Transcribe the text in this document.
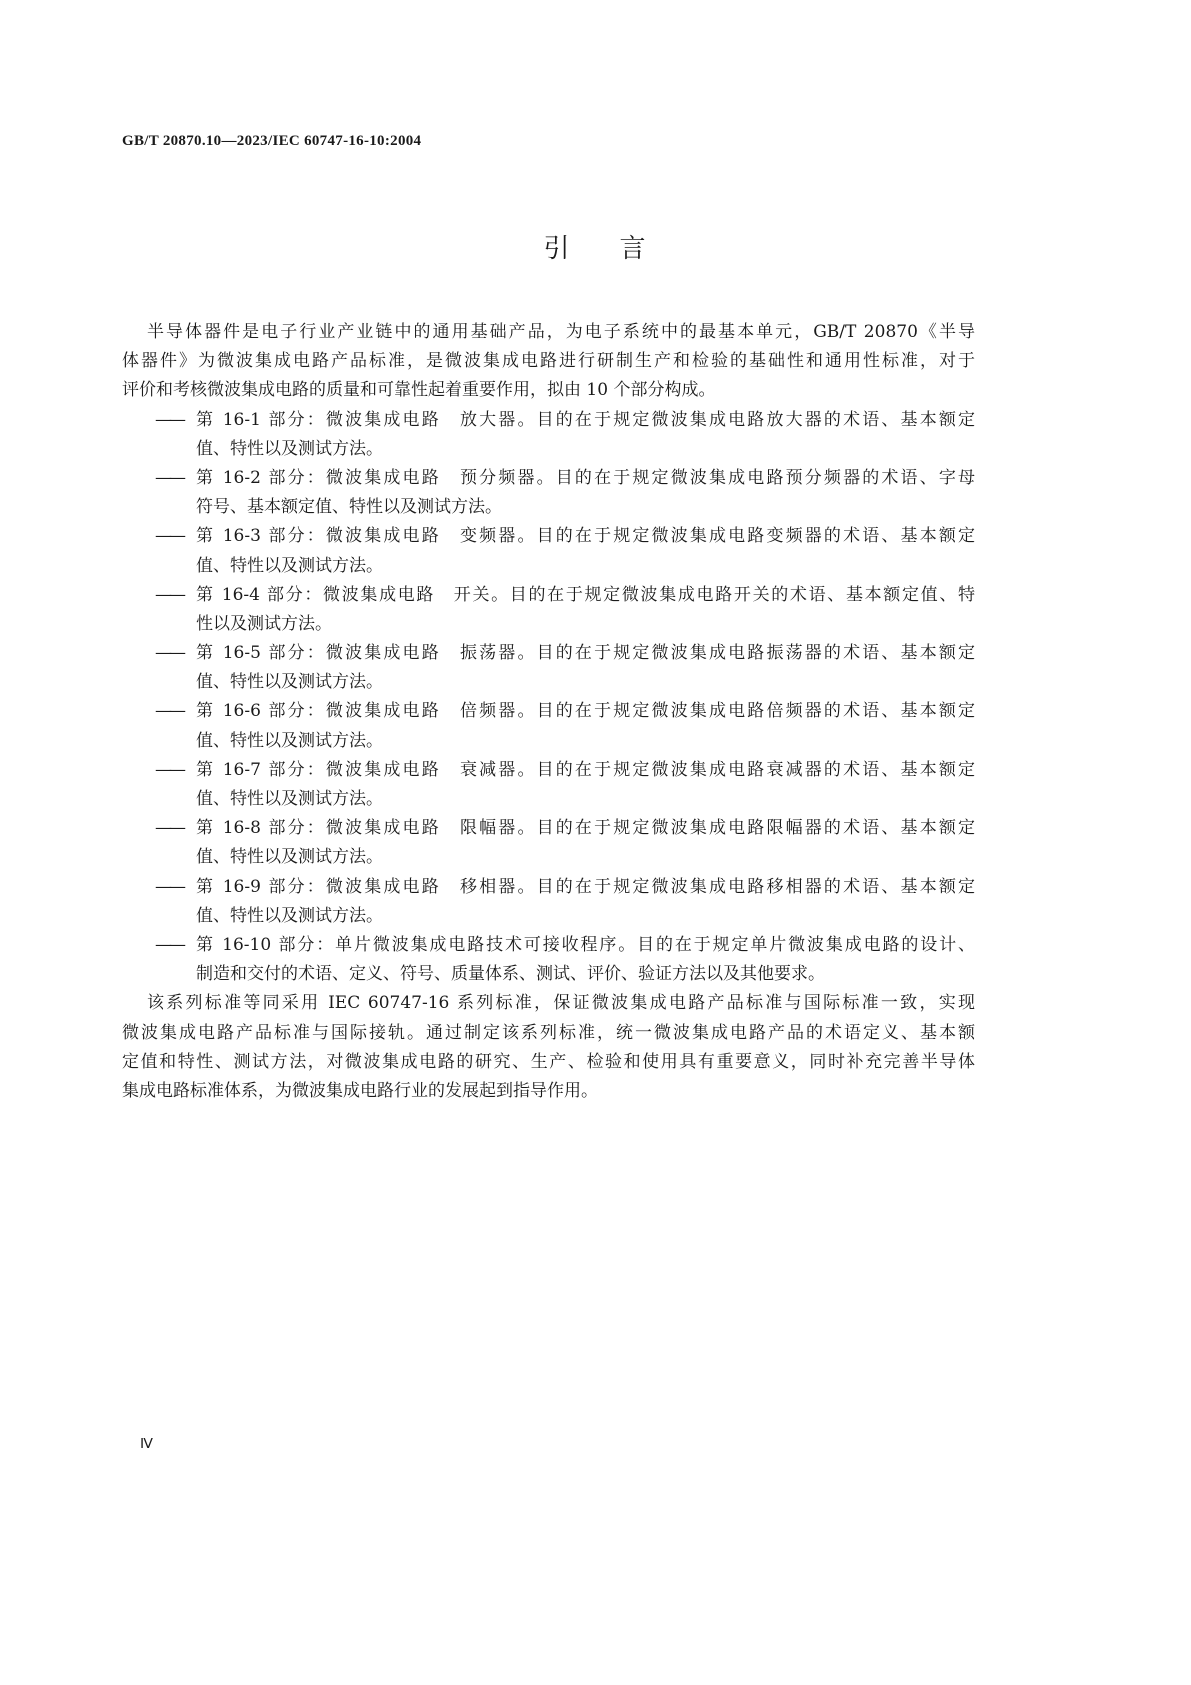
GB/T 20870.10—2023/IEC 60747-16-10:2004
引 言
半导体器件是电子行业产业链中的通用基础产品，为电子系统中的最基本单元，GB/T 20870《半导
体器件》为微波集成电路产品标准，是微波集成电路进行研制生产和检验的基础性和通用性标准，对于
评价和考核微波集成电路的质量和可靠性起着重要作用，拟由 10 个部分构成。
—— 第 16-1 部分：微波集成电路　放大器。目的在于规定微波集成电路放大器的术语、基本额定
值、特性以及测试方法。
—— 第 16-2 部分：微波集成电路　预分频器。目的在于规定微波集成电路预分频器的术语、字母
符号、基本额定值、特性以及测试方法。
—— 第 16-3 部分：微波集成电路　变频器。目的在于规定微波集成电路变频器的术语、基本额定
值、特性以及测试方法。
—— 第 16-4 部分：微波集成电路　开关。目的在于规定微波集成电路开关的术语、基本额定值、特
性以及测试方法。
—— 第 16-5 部分：微波集成电路　振荡器。目的在于规定微波集成电路振荡器的术语、基本额定
值、特性以及测试方法。
—— 第 16-6 部分：微波集成电路　倍频器。目的在于规定微波集成电路倍频器的术语、基本额定
值、特性以及测试方法。
—— 第 16-7 部分：微波集成电路　衰减器。目的在于规定微波集成电路衰减器的术语、基本额定
值、特性以及测试方法。
—— 第 16-8 部分：微波集成电路　限幅器。目的在于规定微波集成电路限幅器的术语、基本额定
值、特性以及测试方法。
—— 第 16-9 部分：微波集成电路　移相器。目的在于规定微波集成电路移相器的术语、基本额定
值、特性以及测试方法。
—— 第 16-10 部分：单片微波集成电路技术可接收程序。目的在于规定单片微波集成电路的设计、
制造和交付的术语、定义、符号、质量体系、测试、评价、验证方法以及其他要求。
该系列标准等同采用 IEC 60747-16 系列标准，保证微波集成电路产品标准与国际标准一致，实现
微波集成电路产品标准与国际接轨。通过制定该系列标准，统一微波集成电路产品的术语定义、基本额
定值和特性、测试方法，对微波集成电路的研究、生产、检验和使用具有重要意义，同时补充完善半导体
集成电路标准体系，为微波集成电路行业的发展起到指导作用。
Ⅳ
